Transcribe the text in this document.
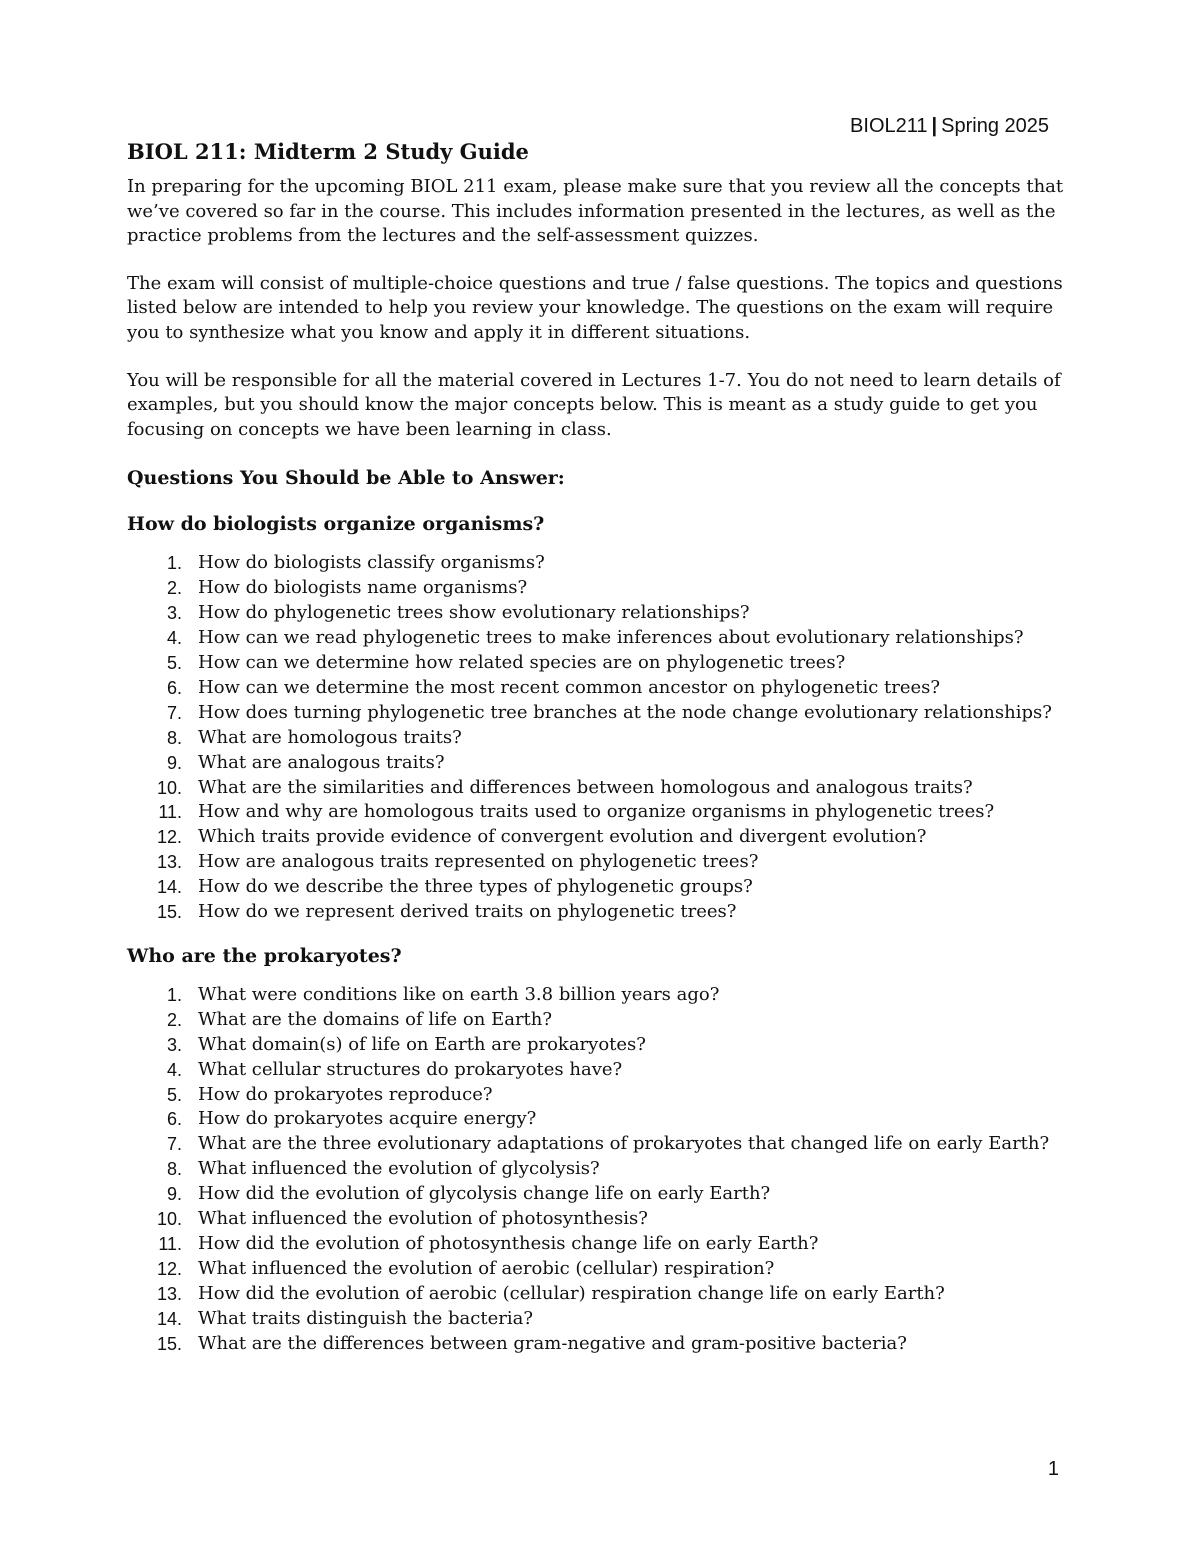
BIOL211 | Spring 2025
BIOL 211: Midterm 2 Study Guide

In preparing for the upcoming BIOL 211 exam, please make sure that you review all the concepts that we’ve covered so far in the course. This includes information presented in the lectures, as well as the practice problems from the lectures and the self-assessment quizzes.

The exam will consist of multiple-choice questions and true / false questions. The topics and questions listed below are intended to help you review your knowledge. The questions on the exam will require you to synthesize what you know and apply it in different situations.

You will be responsible for all the material covered in Lectures 1-7. You do not need to learn details of examples, but you should know the major concepts below. This is meant as a study guide to get you focusing on concepts we have been learning in class.

Questions You Should be Able to Answer:
How do biologists organize organisms?
1. How do biologists classify organisms?
2. How do biologists name organisms?
3. How do phylogenetic trees show evolutionary relationships?
4. How can we read phylogenetic trees to make inferences about evolutionary relationships?
5. How can we determine how related species are on phylogenetic trees?
6. How can we determine the most recent common ancestor on phylogenetic trees?
7. How does turning phylogenetic tree branches at the node change evolutionary relationships?
8. What are homologous traits?
9. What are analogous traits?
10. What are the similarities and differences between homologous and analogous traits?
11. How and why are homologous traits used to organize organisms in phylogenetic trees?
12. Which traits provide evidence of convergent evolution and divergent evolution?
13. How are analogous traits represented on phylogenetic trees?
14. How do we describe the three types of phylogenetic groups?
15. How do we represent derived traits on phylogenetic trees?
Who are the prokaryotes?
1. What were conditions like on earth 3.8 billion years ago?
2. What are the domains of life on Earth?
3. What domain(s) of life on Earth are prokaryotes?
4. What cellular structures do prokaryotes have?
5. How do prokaryotes reproduce?
6. How do prokaryotes acquire energy?
7. What are the three evolutionary adaptations of prokaryotes that changed life on early Earth?
8. What influenced the evolution of glycolysis?
9. How did the evolution of glycolysis change life on early Earth?
10. What influenced the evolution of photosynthesis?
11. How did the evolution of photosynthesis change life on early Earth?
12. What influenced the evolution of aerobic (cellular) respiration?
13. How did the evolution of aerobic (cellular) respiration change life on early Earth?
14. What traits distinguish the bacteria?
15. What are the differences between gram-negative and gram-positive bacteria?
1
